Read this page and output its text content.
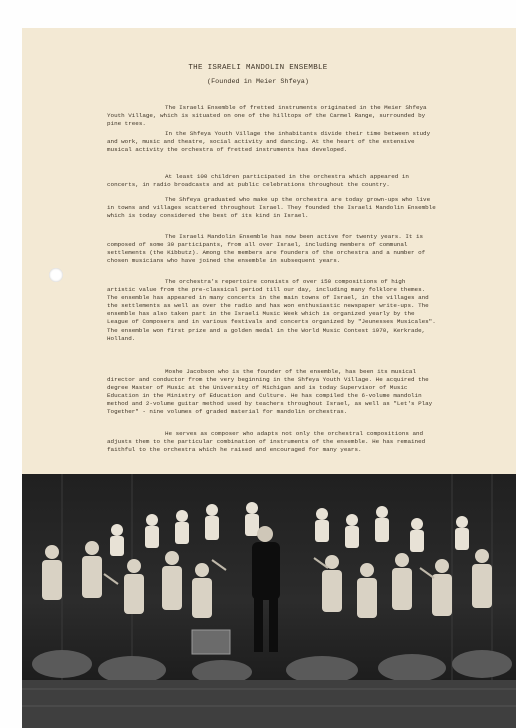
THE ISRAELI MANDOLIN ENSEMBLE
(Founded in Meier Shfeya)

The Israeli Ensemble of fretted instruments originated in the Meier Shfeya Youth Village, which is situated on one of the hilltops of the Carmel Range, surrounded by pine trees.

In the Shfeya Youth Village the inhabitants divide their time between study and work, music and theatre, social activity and dancing. At the heart of the extensive musical activity the orchestra of fretted instruments has developed.

At least 100 children participated in the orchestra which appeared in concerts, in radio broadcasts and at public celebrations throughout the country.

The Shfeya graduated who make up the orchestra are today grown-ups who live in towns and villages scattered throughout Israel. They founded the Israeli Mandolin Ensemble which is today considered the best of its kind in Israel.

The Israeli Mandolin Ensemble has now been active for twenty years. It is composed of some 30 participants, from all over Israel, including members of communal settlements (the Kibbutz). Among the members are founders of the orchestra and a number of chosen musicians who have joined the ensemble in subsequent years.

The orchestra's repertoire consists of over 150 compositions of high artistic value from the pre-classical period till our day, including many folklore themes. The ensemble has appeared in many concerts in the main towns of Israel, in the villages and the settlements as well as over the radio and has won enthusiastic newspaper write-ups. The ensemble has also taken part in the Israeli Music Week which is organized yearly by the League of Composers and in various festivals and concerts organized by "Jeunesses Musicales". The ensemble won first prize and a golden medal in the World Music Contest 1970, Kerkrade, Holland.

Moshe Jacobson who is the founder of the ensemble, has been its musical director and conductor from the very beginning in the Shfeya Youth Village. He acquired the degree Master of Music at the University of Michigan and is today Supervisor of Music Education in the Ministry of Education and Culture. He has compiled the 6-volume mandolin method and 2-volume guitar method used by teachers throughout Israel, as well as "Let's Play Together" - nine volumes of graded material for mandolin orchestras.

He serves as composer who adapts not only the orchestral compositions and adjusts them to the particular combination of instruments of the ensemble. He has remained faithful to the orchestra which he raised and encouraged for many years.
